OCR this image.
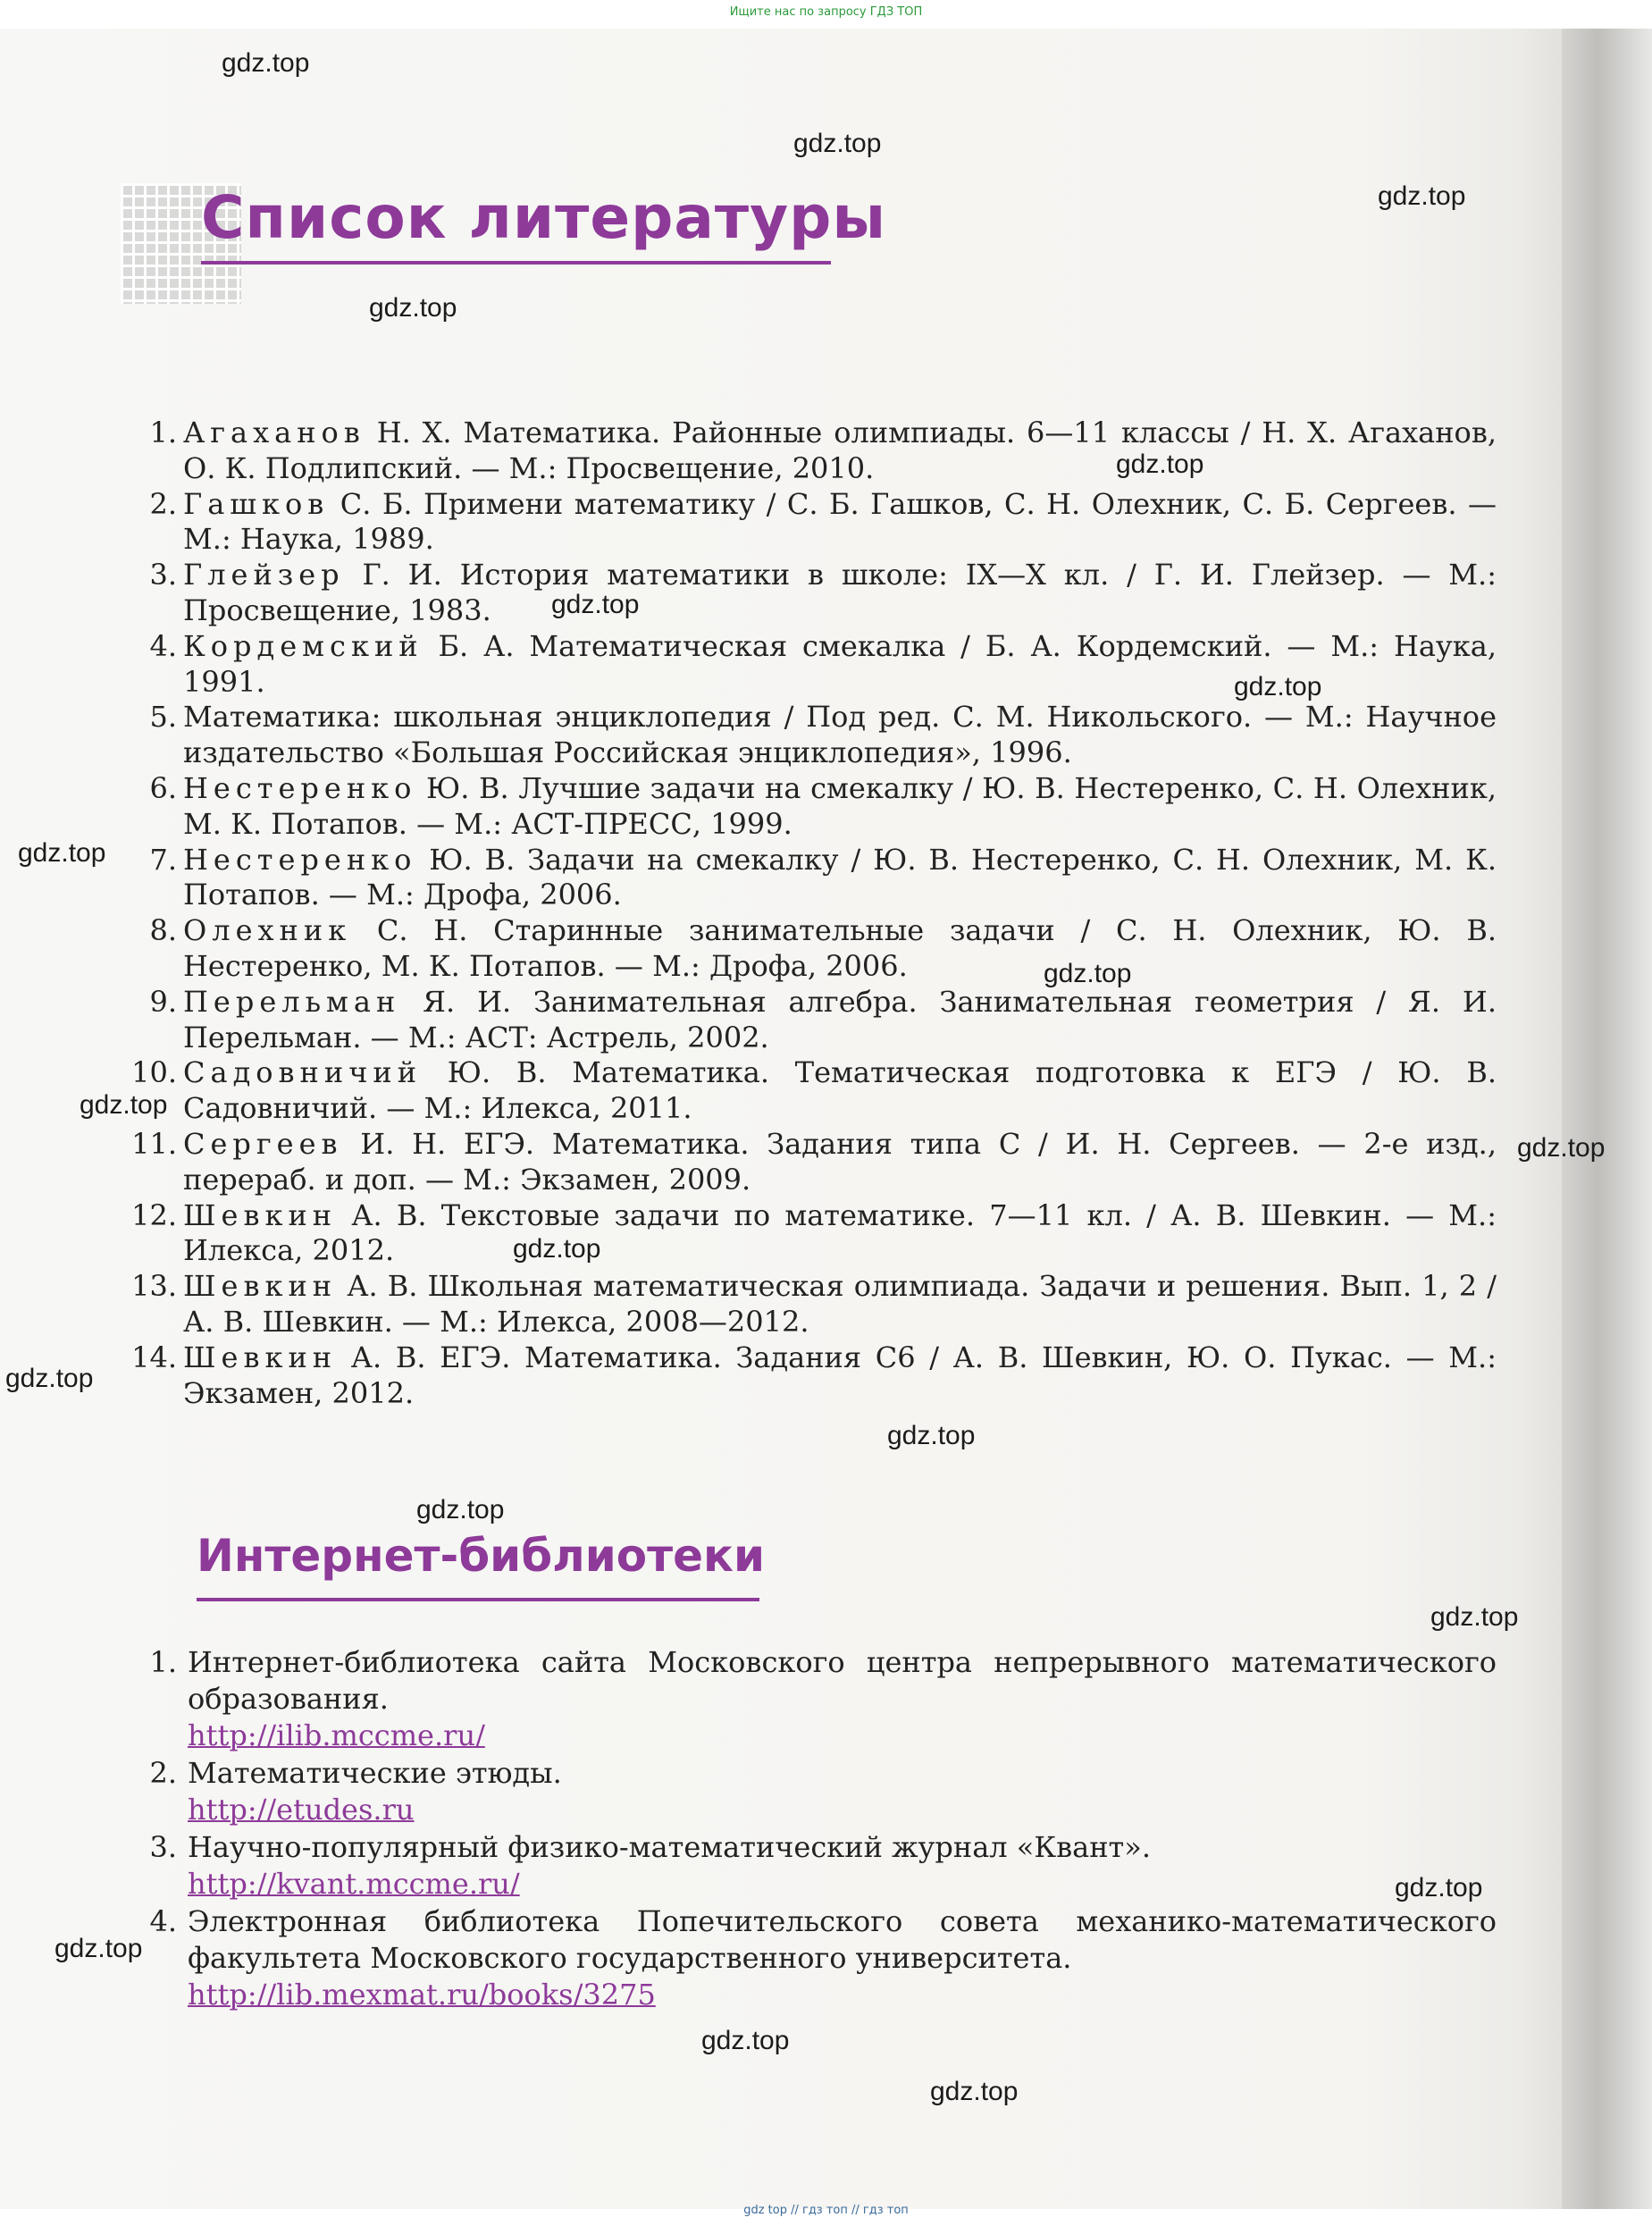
Ищите нас по запросу ГДЗ ТОП

Список литературы
1. Агаханов Н. Х. Математика. Районные олимпиады. 6—11 классы / Н. Х. Агаханов, О. К. Подлипский. — М.: Просвещение, 2010.
2. Гашков С. Б. Примени математику / С. Б. Гашков, С. Н. Олехник, С. Б. Сергеев. — М.: Наука, 1989.
3. Глейзер Г. И. История математики в школе: IX—X кл. / Г. И. Глейзер. — М.: Просвещение, 1983.
4. Кордемский Б. А. Математическая смекалка / Б. А. Кордемский. — М.: Наука, 1991.
5. Математика: школьная энциклопедия / Под ред. С. М. Никольского. — М.: Научное издательство «Большая Российская энциклопедия», 1996.
6. Нестеренко Ю. В. Лучшие задачи на смекалку / Ю. В. Нестеренко, С. Н. Олехник, М. К. Потапов. — М.: АСТ-ПРЕСС, 1999.
7. Нестеренко Ю. В. Задачи на смекалку / Ю. В. Нестеренко, С. Н. Олехник, М. К. Потапов. — М.: Дрофа, 2006.
8. Олехник С. Н. Старинные занимательные задачи / С. Н. Олехник, Ю. В. Нестеренко, М. К. Потапов. — М.: Дрофа, 2006.
9. Перельман Я. И. Занимательная алгебра. Занимательная геометрия / Я. И. Перельман. — М.: АСТ: Астрель, 2002.
10. Садовничий Ю. В. Математика. Тематическая подготовка к ЕГЭ / Ю. В. Садовничий. — М.: Илекса, 2011.
11. Сергеев И. Н. ЕГЭ. Математика. Задания типа С / И. Н. Сергеев. — 2-е изд., перераб. и доп. — М.: Экзамен, 2009.
12. Шевкин А. В. Текстовые задачи по математике. 7—11 кл. / А. В. Шевкин. — М.: Илекса, 2012.
13. Шевкин А. В. Школьная математическая олимпиада. Задачи и решения. Вып. 1, 2 / А. В. Шевкин. — М.: Илекса, 2008—2012.
14. Шевкин А. В. ЕГЭ. Математика. Задания С6 / А. В. Шевкин, Ю. О. Пукас. — М.: Экзамен, 2012.
Интернет-библиотеки
1. Интернет-библиотека сайта Московского центра непрерывного математического образования.
http://ilib.mccme.ru/
2. Математические этюды.
http://etudes.ru
3. Научно-популярный физико-математический журнал «Квант».
http://kvant.mccme.ru/
4. Электронная библиотека Попечительского совета механико-математического факультета Московского государственного университета.
http://lib.mexmat.ru/books/3275

gdz.top

gdz.top

gdz.top

gdz.top

gdz.top

gdz.top

gdz.top

gdz.top

gdz.top

gdz.top

gdz.top

gdz.top

gdz.top

gdz.top

gdz.top

gdz.top

gdz.top

gdz.top

gdz.top

gdz.top

gdz top // гдз топ // гдз топ
